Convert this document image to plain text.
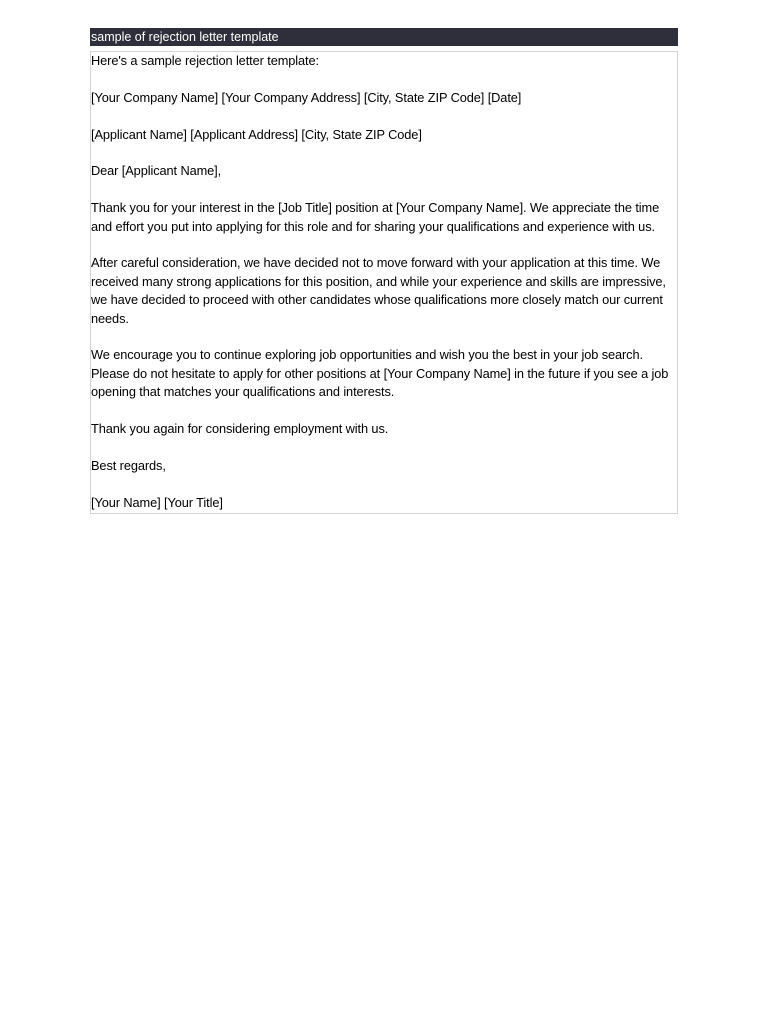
sample of rejection letter template

Here's a sample rejection letter template:

[Your Company Name] [Your Company Address] [City, State ZIP Code] [Date]

[Applicant Name] [Applicant Address] [City, State ZIP Code]

Dear [Applicant Name],

Thank you for your interest in the [Job Title] position at [Your Company Name]. We appreciate the time and effort you put into applying for this role and for sharing your qualifications and experience with us.

After careful consideration, we have decided not to move forward with your application at this time. We received many strong applications for this position, and while your experience and skills are impressive, we have decided to proceed with other candidates whose qualifications more closely match our current needs.

We encourage you to continue exploring job opportunities and wish you the best in your job search. Please do not hesitate to apply for other positions at [Your Company Name] in the future if you see a job opening that matches your qualifications and interests.

Thank you again for considering employment with us.

Best regards,

[Your Name] [Your Title]
